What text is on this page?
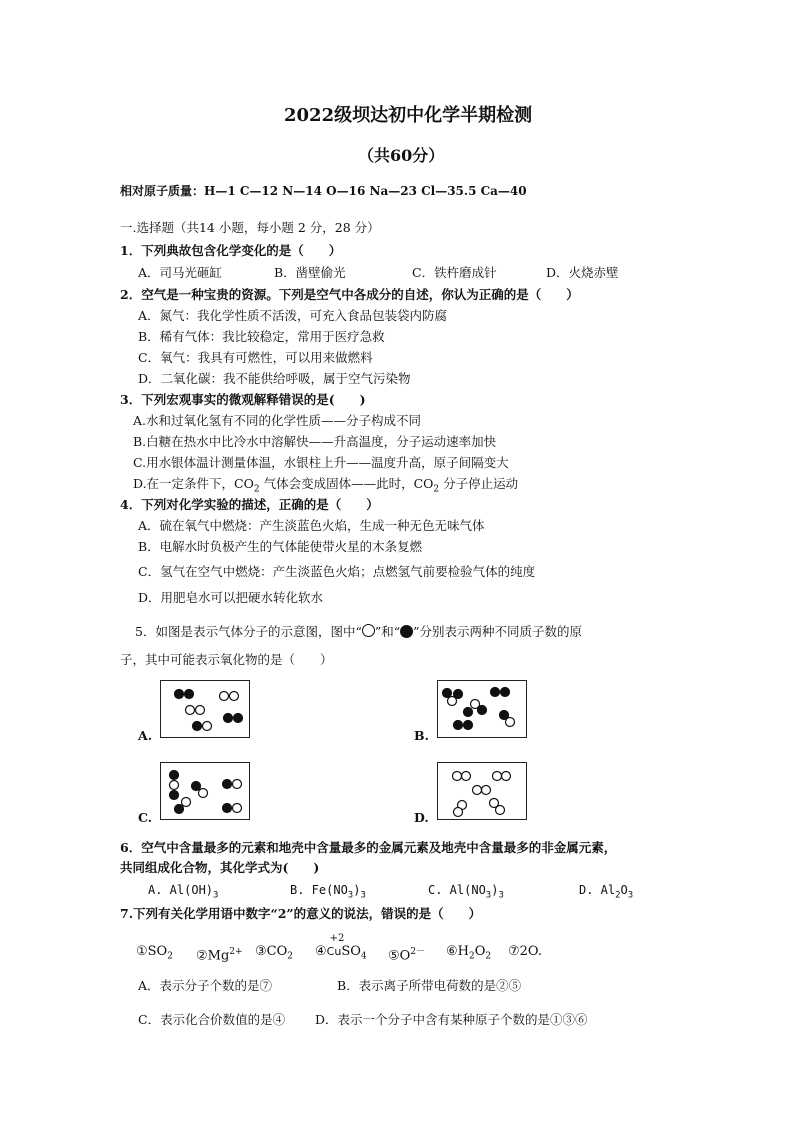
2022级坝达初中化学半期检测
（共60分）
相对原子质量：H—1 C—12 N—14 O—16 Na—23 Cl—35.5 Ca—40
一.选择题（共14 小题，每小题 2 分，28 分）
1．下列典故包含化学变化的是（　　）
A．司马光砸缸	B．凿壁偷光	C．铁杵磨成针	D．火烧赤壁
2．空气是一种宝贵的资源。下列是空气中各成分的自述，你认为正确的是（　　）
A．氮气：我化学性质不活泼，可充入食品包装袋内防腐
B．稀有气体：我比较稳定，常用于医疗急救
C．氧气：我具有可燃性，可以用来做燃料
D．二氧化碳：我不能供给呼吸，属于空气污染物
3．下列宏观事实的微观解释错误的是(　　)
A.水和过氧化氢有不同的化学性质——分子构成不同
B.白糖在热水中比冷水中溶解快——升高温度，分子运动速率加快
C.用水银体温计测量体温，水银柱上升——温度升高，原子间隔变大
D.在一定条件下，$CO_2$ 气体会变成固体——此时，$CO_2$ 分子停止运动
4．下列对化学实验的描述，正确的是（　　）
A．硫在氧气中燃烧：产生淡蓝色火焰，生成一种无色无味气体
B．电解水时负极产生的气体能使带火星的木条复燃
C．氢气在空气中燃烧：产生淡蓝色火焰；点燃氢气前要检验气体的纯度
D．用肥皂水可以把硬水转化软水
5．如图是表示气体分子的示意图，图中“ ”和“ ”分别表示两种不同质子数的原
子，其中可能表示氧化物的是（　　）
A.	B.
C.	D.
6．空气中含量最多的元素和地壳中含量最多的金属元素及地壳中含量最多的非金属元素，
共同组成化合物，其化学式为(　　)
A. $Al(OH)_3$	B. $Fe(NO_3)_3$	C. $Al(NO_3)_3$	D. $Al_2O_3$
7.下列有关化学用语中数字“2”的意义的说法，错误的是（　　）
$①SO_2$ $②Mg^{2+}$ $③CO_2$ ④
+2
CuSO$_4$ $⑤O^{2-}$ $⑥H_2O_2$ ⑦2O.
A．表示分子个数的是⑦	B．表示离子所带电荷数的是②⑤
C．表示化合价数值的是④ D．表示一个分子中含有某种原子个数的是①③⑥
